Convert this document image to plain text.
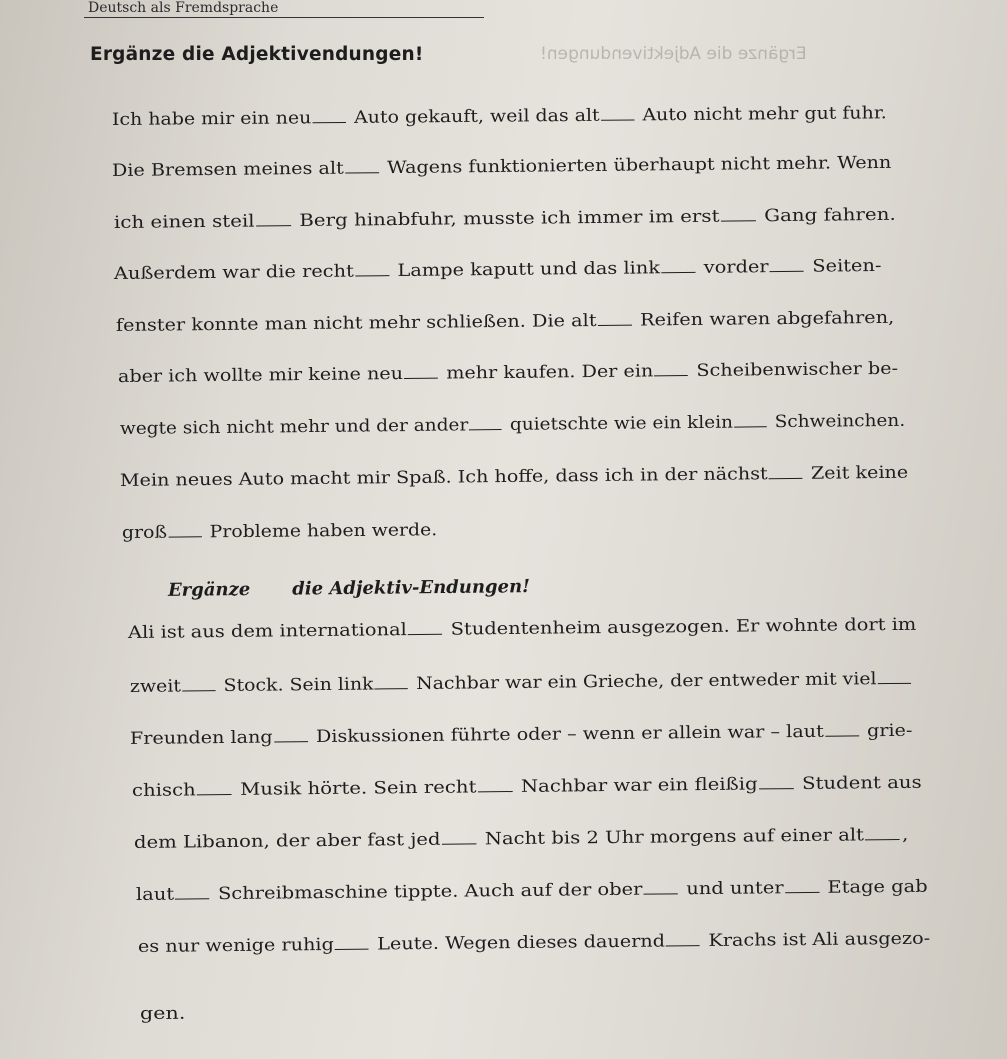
Deutsch als Fremdsprache
Ergänze die Adjektivendungen!	Ergänze die Adjektivendungen!
Ich habe mir ein neu Auto gekauft, weil das alt Auto nicht mehr gut fuhr.
Die Bremsen meines alt Wagens funktionierten überhaupt nicht mehr. Wenn
ich einen steil Berg hinabfuhr, musste ich immer im erst Gang fahren.
Außerdem war die recht Lampe kaputt und das link vorder Seiten-
fenster konnte man nicht mehr schließen. Die alt Reifen waren abgefahren,
aber ich wollte mir keine neu mehr kaufen. Der ein Scheibenwischer be-
wegte sich nicht mehr und der ander quietschte wie ein klein Schweinchen.
Mein neues Auto macht mir Spaß. Ich hoffe, dass ich in der nächst Zeit keine
groß Probleme haben werde.
Ergänze die Adjektiv-Endungen!
Ali ist aus dem international Studentenheim ausgezogen. Er wohnte dort im
zweit Stock. Sein link Nachbar war ein Grieche, der entweder mit viel
Freunden lang Diskussionen führte oder – wenn er allein war – laut grie-
chisch Musik hörte. Sein recht Nachbar war ein fleißig Student aus
dem Libanon, der aber fast jed Nacht bis 2 Uhr morgens auf einer alt ,
laut Schreibmaschine tippte. Auch auf der ober und unter Etage gab
es nur wenige ruhig Leute. Wegen dieses dauernd Krachs ist Ali ausgezo-
gen.
